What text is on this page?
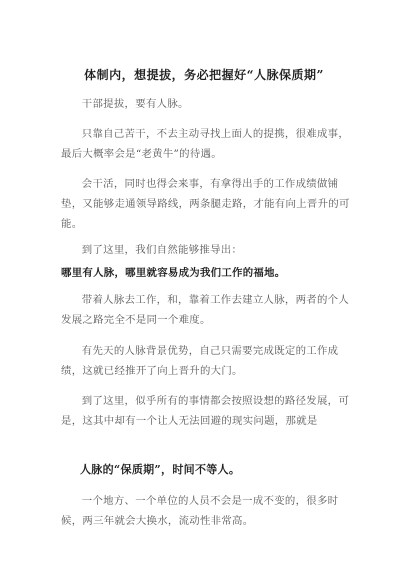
体制内，想提拔，务必把握好“人脉保质期”

干部提拔，要有人脉。

只靠自己苦干，不去主动寻找上面人的提携，很难成事，最后大概率会是“老黄牛”的待遇。

会干活，同时也得会来事，有拿得出手的工作成绩做铺垫，又能够走通领导路线，两条腿走路，才能有向上晋升的可能。

到了这里，我们自然能够推导出：

哪里有人脉，哪里就容易成为我们工作的福地。

带着人脉去工作，和，靠着工作去建立人脉，两者的个人发展之路完全不是同一个难度。

有先天的人脉背景优势，自己只需要完成既定的工作成绩，这就已经推开了向上晋升的大门。

到了这里，似乎所有的事情都会按照设想的路径发展，可是，这其中却有一个让人无法回避的现实问题，那就是

人脉的“保质期”，时间不等人。

一个地方、一个单位的人员不会是一成不变的，很多时候，两三年就会大换水，流动性非常高。
